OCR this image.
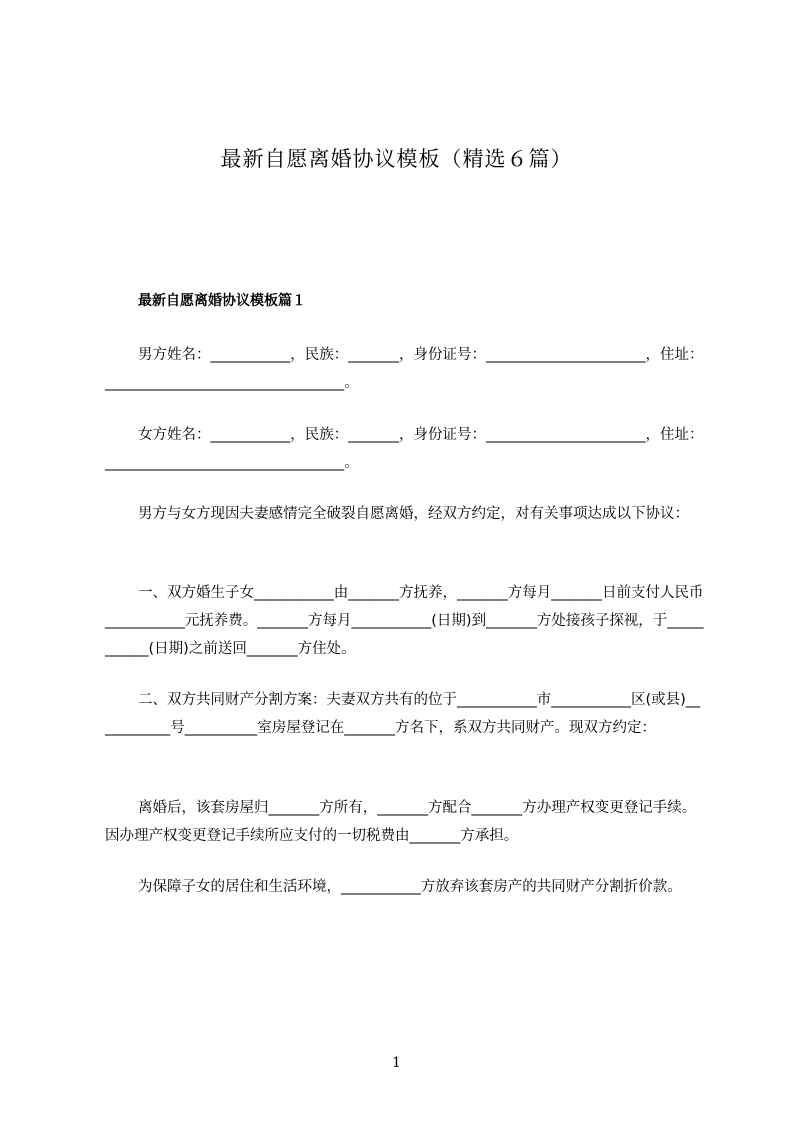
最新自愿离婚协议模板（精选６篇）
最新自愿离婚协议模板篇１

男方姓名：___________，民族：_______，身份证号：______________________，住址：_________________________________。

女方姓名：___________，民族：_______，身份证号：______________________，住址：_________________________________。

男方与女方现因夫妻感情完全破裂自愿离婚，经双方约定，对有关事项达成以下协议：

一、双方婚生子女___________由_______方抚养，_______方每月_______日前支付人民币___________元抚养费。_______方每月___________(日期)到_______方处接孩子探视，于___________(日期)之前送回_______方住处。

二、双方共同财产分割方案：夫妻双方共有的位于___________市___________区(或县)___________号__________室房屋登记在_______方名下，系双方共同财产。现双方约定：

离婚后，该套房屋归_______方所有，_______方配合_______方办理产权变更登记手续。因办理产权变更登记手续所应支付的一切税费由_______方承担。

为保障子女的居住和生活环境，___________方放弃该套房产的共同财产分割折价款。

1
